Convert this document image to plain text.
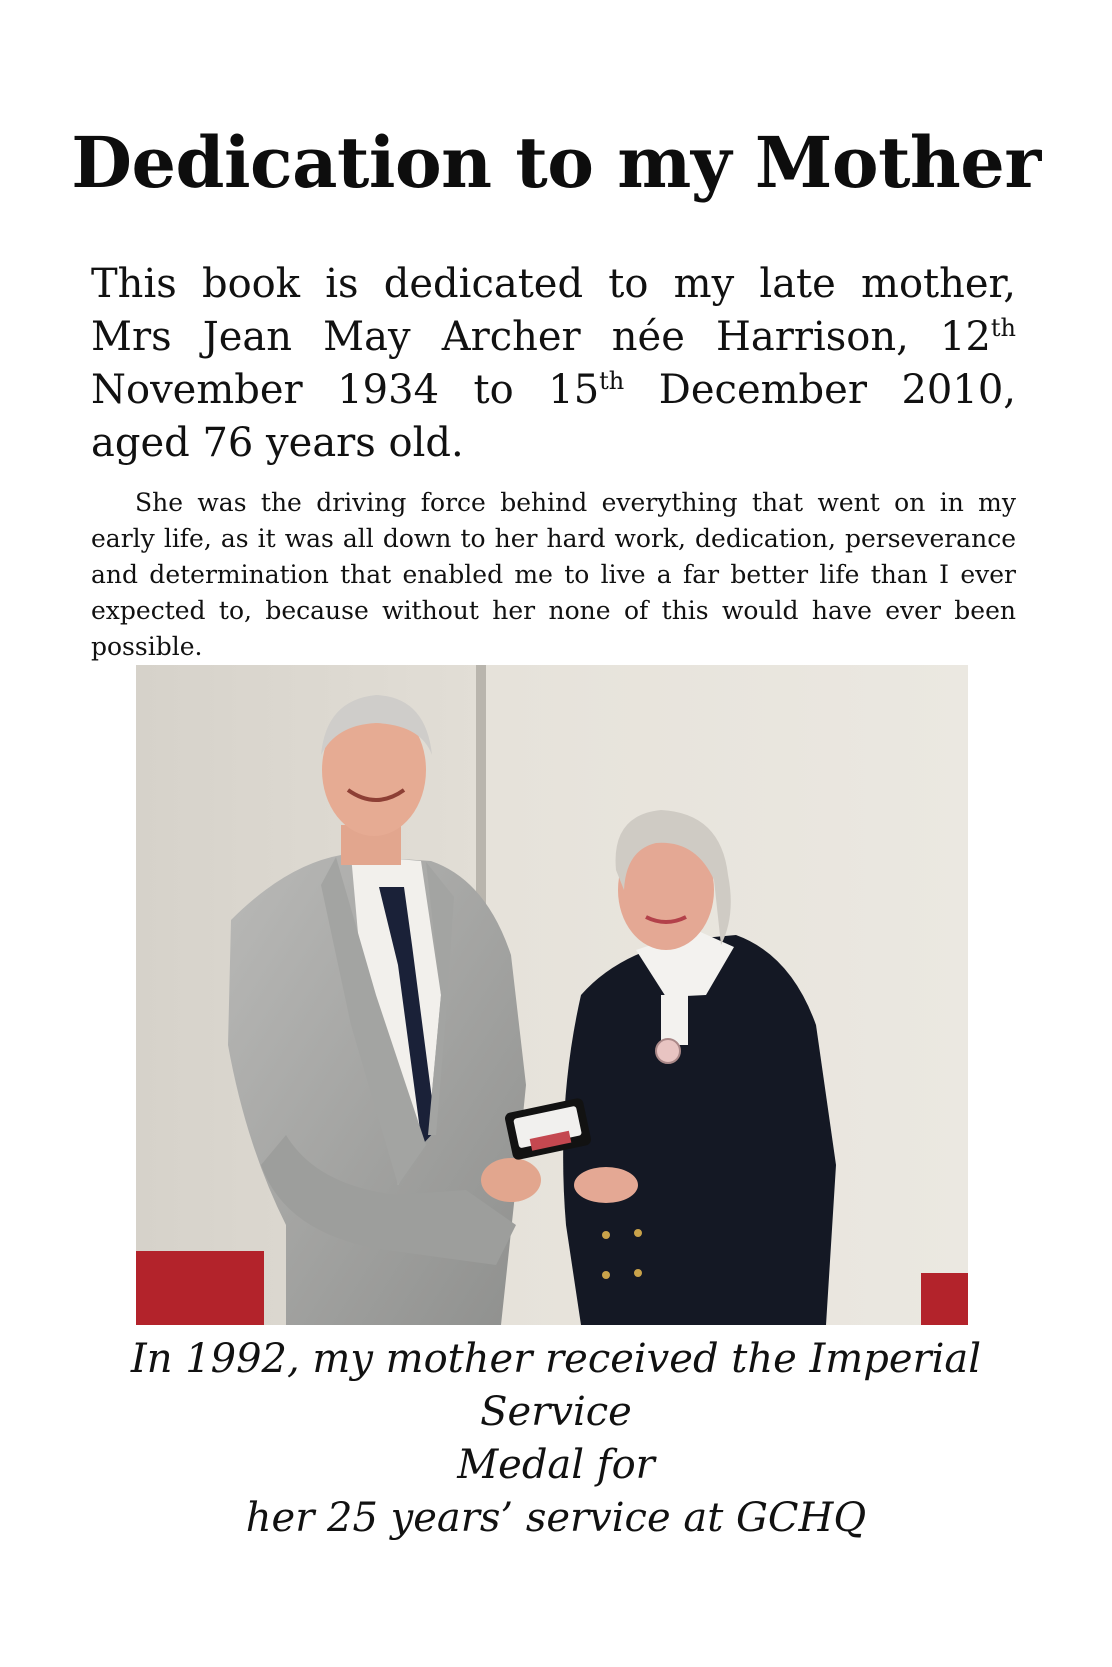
Dedication to my Mother

This book is dedicated to my late mother, Mrs Jean May Archer née Harrison, 12th November 1934 to 15th December 2010, aged 76 years old.

She was the driving force behind everything that went on in my early life, as it was all down to her hard work, dedication, perseverance and determination that enabled me to live a far better life than I ever expected to, because without her none of this would have ever been possible.

In 1992, my mother received the Imperial Service
Medal for
her 25 years’ service at GCHQ
